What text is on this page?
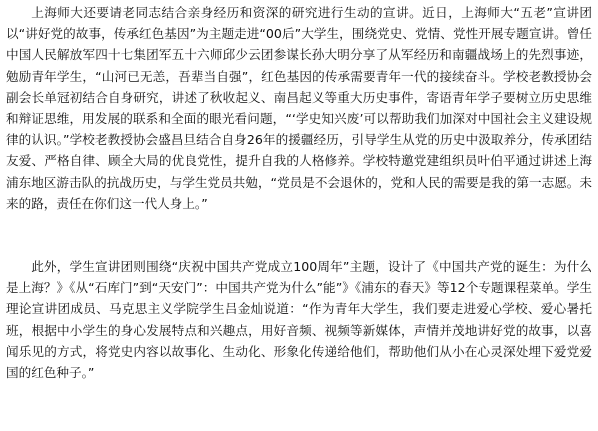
上海师大还要请老同志结合亲身经历和资深的研究进行生动的宣讲。近日，上海师大“五老”宣讲团以“讲好党的故事，传承红色基因”为主题走进“00后”大学生，围绕党史、党情、党性开展专题宣讲。曾任中国人民解放军四十七集团军五十六师邱少云团参谋长孙大明分享了从军经历和南疆战场上的先烈事迹，勉励青年学生，“山河已无恙，吾辈当自强”，红色基因的传承需要青年一代的接续奋斗。学校老教授协会副会长单冠初结合自身研究，讲述了秋收起义、南昌起义等重大历史事件，寄语青年学子要树立历史思维和辩证思维，用发展的联系和全面的眼光看问题，“‘学史知兴废’可以帮助我们加深对中国社会主义建设规律的认识。”学校老教授协会盛昌旦结合自身26年的援疆经历，引导学生从党的历史中汲取养分，传承团结友爱、严格自律、顾全大局的优良党性，提升自我的人格修养。学校特邀党建组织员叶伯平通过讲述上海浦东地区游击队的抗战历史，与学生党员共勉，“党员是不会退休的，党和人民的需要是我的第一志愿。未来的路，责任在你们这一代人身上。”

此外，学生宣讲团则围绕“庆祝中国共产党成立100周年”主题，设计了《中国共产党的诞生：为什么是上海？》《从“石库门”到“天安门”：中国共产党为什么”能”》《浦东的春天》等12个专题课程菜单。学生理论宣讲团成员、马克思主义学院学生吕金灿说道：“作为青年大学生，我们要走进爱心学校、爱心暑托班，根据中小学生的身心发展特点和兴趣点，用好音频、视频等新媒体，声情并茂地讲好党的故事，以喜闻乐见的方式，将党史内容以故事化、生动化、形象化传递给他们，帮助他们从小在心灵深处埋下爱党爱国的红色种子。”
